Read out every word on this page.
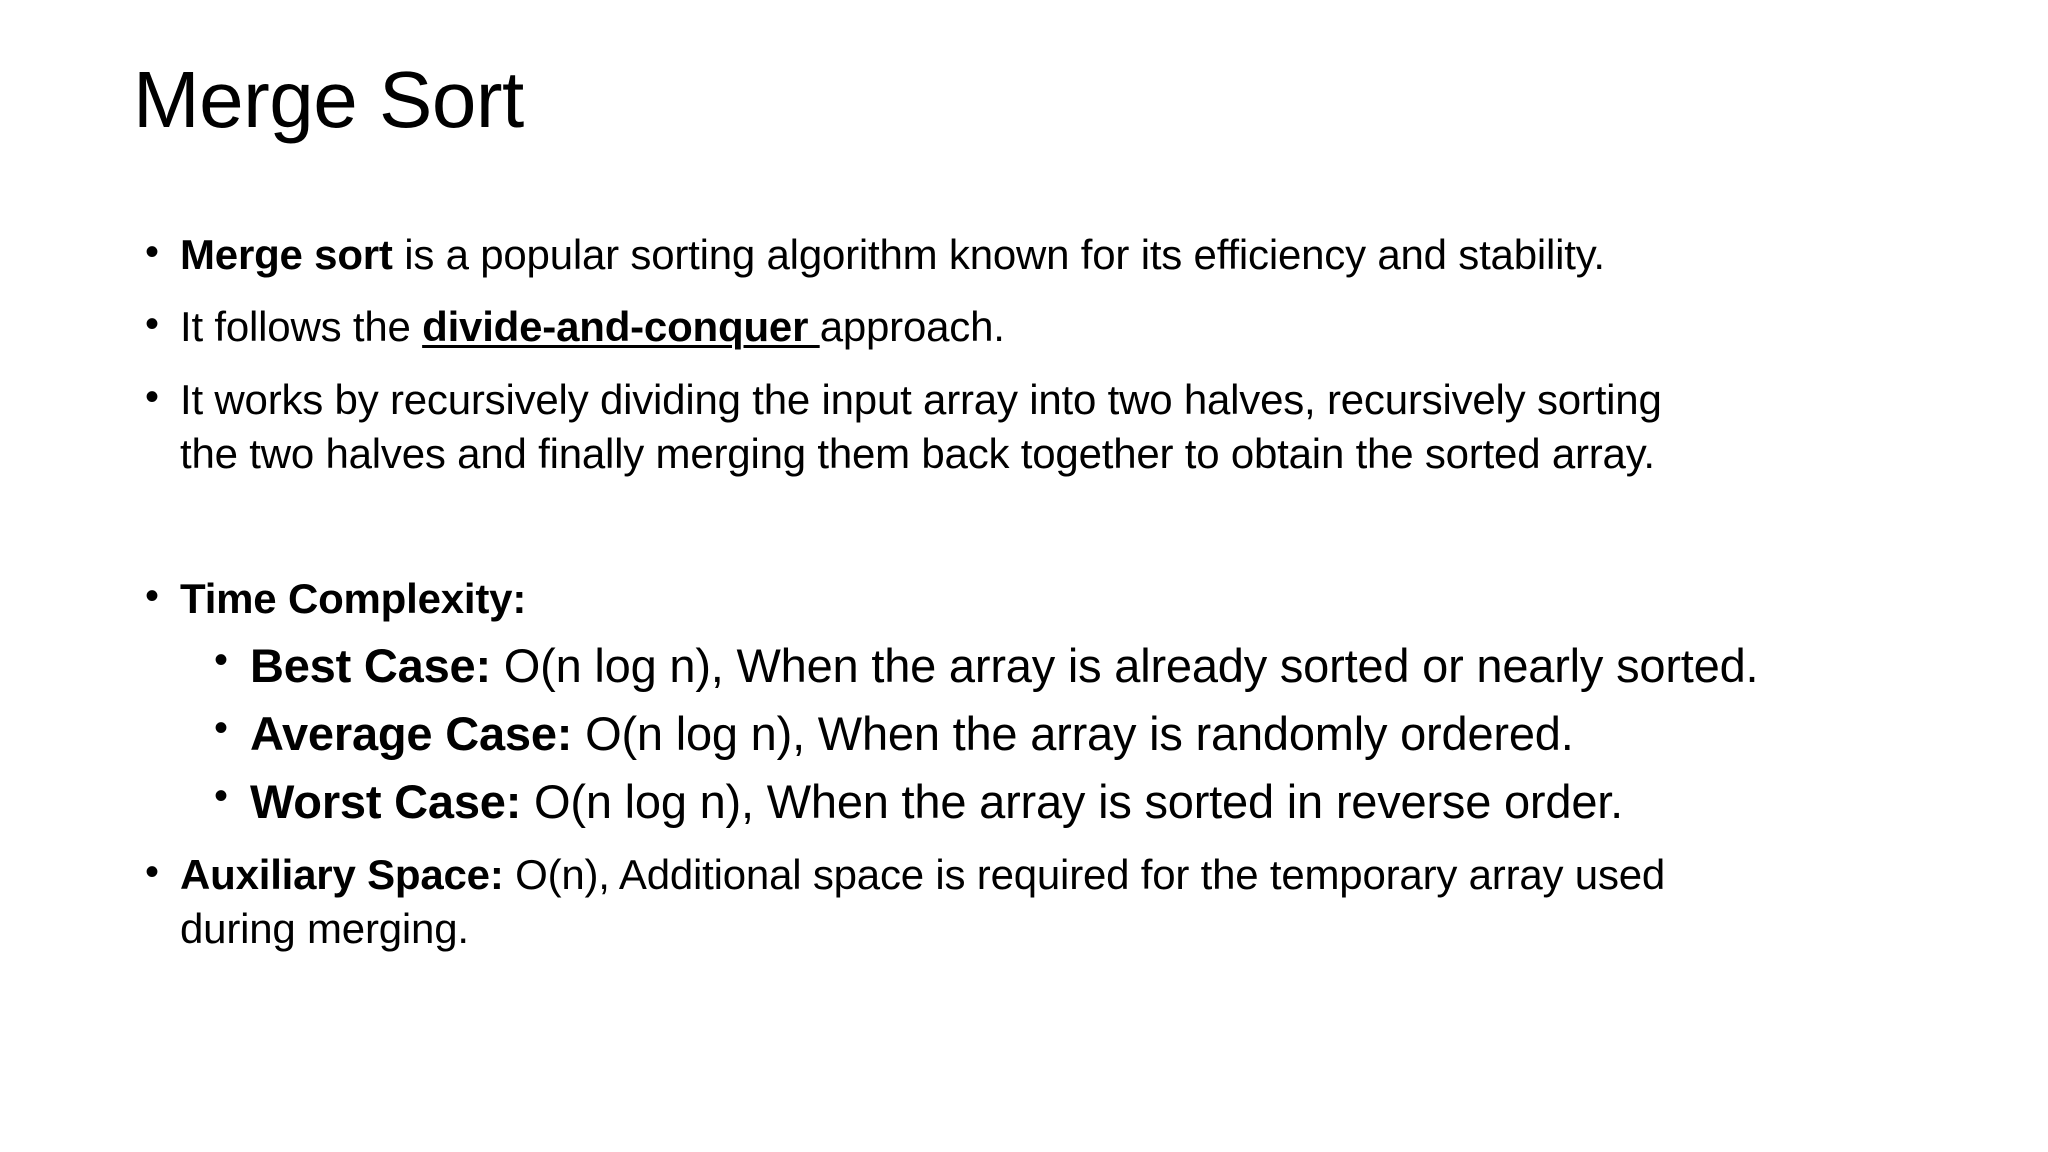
Merge Sort
• Merge sort is a popular sorting algorithm known for its efficiency and stability.
• It follows the divide-and-conquer approach.
• It works by recursively dividing the input array into two halves, recursively sorting
the two halves and finally merging them back together to obtain the sorted array.
• Time Complexity:
• Best Case: O(n log n), When the array is already sorted or nearly sorted.
• Average Case: O(n log n), When the array is randomly ordered.
• Worst Case: O(n log n), When the array is sorted in reverse order.
• Auxiliary Space: O(n), Additional space is required for the temporary array used
during merging.
